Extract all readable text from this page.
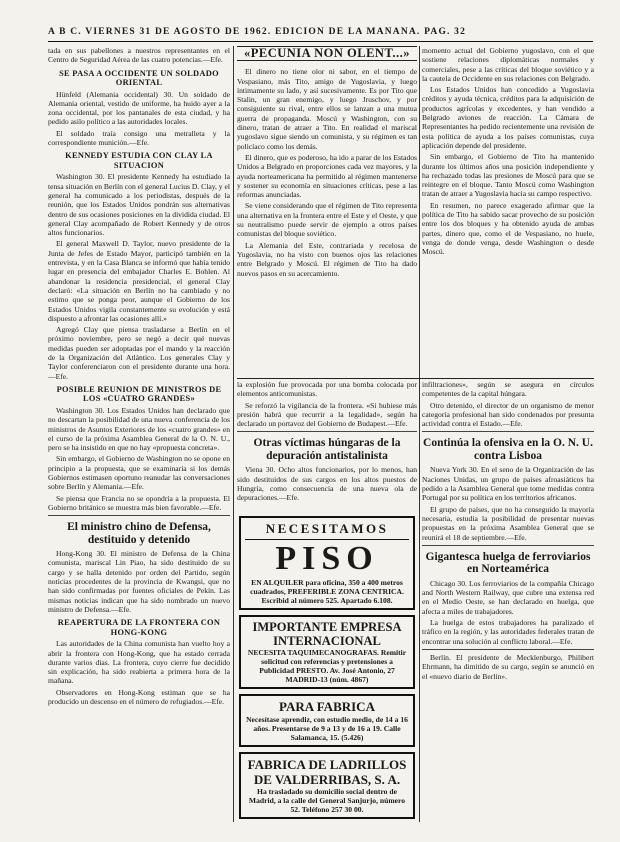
A B C. VIERNES 31 DE AGOSTO DE 1962. EDICION DE LA MAÑANA. PAG. 32

tada en sus pabellones a nuestros representantes en el Centro de Seguridad Aérea de las cuatro potencias.—Efe.

SE PASA A OCCIDENTE UN SOLDADO ORIENTAL

Hünfeld (Alemania occidental) 30. Un soldado de Alemania oriental, vestido de uniforme, ha huido ayer a la zona occidental, por los pantanales de esta ciudad, y ha pedido asilo político a las autoridades locales.

El soldado traía consigo una metralleta y la correspondiente munición.—Efe.

KENNEDY ESTUDIA CON CLAY LA SITUACION

Washington 30. El presidente Kennedy ha estudiado la tensa situación en Berlín con el general Lucius D. Clay, y el general ha comunicado a los periodistas, después de la reunión, que los Estados Unidos pondrán sus alternativas dentro de sus ocasiones posiciones en la dividida ciudad. El general Clay acompañado de Robert Kennedy y de otros altos funcionarios.

El general Maxwell D. Taylor, nuevo presidente de la Junta de Jefes de Estado Mayor, participó también en la entrevista, y en la Casa Blanca se informó que había tenido lugar en presencia del embajador Charles E. Bohlen. Al abandonar la residencia presidencial, el general Clay declaró: «La situación en Berlín no ha cambiado y no estimo que se ponga peor, aunque el Gobierno de los Estados Unidos vigila constantemente su evolución y está dispuesto a afrontar las ocasiones allí.»

Agregó Clay que piensa trasladarse a Berlín en el próximo noviembre, pero se negó a decir qué nuevas medidas pueden ser adoptadas por el mando y la reacción de la Organización del Atlántico. Los generales Clay y Taylor conferenciaron con el presidente durante una hora.—Efe.

POSIBLE REUNION DE MINISTROS DE LOS «CUATRO GRANDES»

Washington 30. Los Estados Unidos han declarado que no descartan la posibilidad de una nueva conferencia de los ministros de Asuntos Exteriores de los «cuatro grandes» en el curso de la próxima Asamblea General de la O. N. U., pero se ha insistido en que no hay «propuesta concreta».

Sin embargo, el Gobierno de Washington no se opone en principio a la propuesta, que se examinaría si los demás Gobiernos estimasen oportuno reanudar las conversaciones sobre Berlín y Alemania.—Efe.

Se piensa que Francia no se opondría a la propuesta. El Gobierno británico se muestra más bien favorable.—Efe.

El ministro chino de Defensa, destituido y detenido

Hong-Kong 30. El ministro de Defensa de la China comunista, mariscal Lin Piao, ha sido destituido de su cargo y se halla detenido por orden del Partido, según noticias procedentes de la provincia de Kwangsi, que no han sido confirmadas por fuentes oficiales de Pekín. Las mismas noticias indican que ha sido nombrado un nuevo ministro de Defensa.—Efe.

REAPERTURA DE LA FRONTERA CON HONG-KONG

Las autoridades de la China comunista han vuelto hoy a abrir la frontera con Hong-Kong, que ha estado cerrada durante varios días. La frontera, cuyo cierre fue decidido sin explicación, ha sido reabierta a primera hora de la mañana.

Observadores en Hong-Kong estiman que se ha producido un descenso en el número de refugiados.—Efe.

«PECUNIA NON OLENT...»

El dinero no tiene olor ni sabor, en el tiempo de Vespasiano, más Tito, amigo de Yugoslavia, y luego íntimamente su lado, y así sucesivamente. Es por Tito que Stalin, un gran enemigo, y luego Jruschov, y por consiguiente su rival, entre ellos se lanzan a una mutua guerra de propaganda. Moscú y Washington, con su dinero, tratan de atraer a Tito. En realidad el mariscal yugoslavo sigue siendo un comunista, y su régimen es tan policíaco como los demás.

El dinero, que es poderoso, ha ido a parar de los Estados Unidos a Belgrado en proporciones cada vez mayores, y la ayuda norteamericana ha permitido al régimen mantenerse y sostener su economía en situaciones críticas, pese a las reformas anunciadas.

Se viene considerando que el régimen de Tito representa una alternativa en la frontera entre el Este y el Oeste, y que su neutralismo puede servir de ejemplo a otros países comunistas del bloque soviético.

La Alemania del Este, contrariada y recelosa de Yugoslavia, no ha visto con buenos ojos las relaciones entre Belgrado y Moscú. El régimen de Tito ha dado nuevos pasos en su acercamiento.

momento actual del Gobierno yugoslavo, con el que sostiene relaciones diplomáticas normales y comerciales, pese a las críticas del bloque soviético y a la cautela de Occidente en sus relaciones con Belgrado.

Los Estados Unidos han concedido a Yugoslavia créditos y ayuda técnica, créditos para la adquisición de productos agrícolas y excedentes, y han vendido a Belgrado aviones de reacción. La Cámara de Representantes ha pedido recientemente una revisión de esta política de ayuda a los países comunistas, cuya aplicación depende del presidente.

Sin embargo, el Gobierno de Tito ha mantenido durante los últimos años una posición independiente y ha rechazado todas las presiones de Moscú para que se reintegre en el bloque. Tanto Moscú como Washington tratan de atraer a Yugoslavia hacia su campo respectivo.

En resumen, no parece exagerado afirmar que la política de Tito ha sabido sacar provecho de su posición entre los dos bloques y ha obtenido ayuda de ambas partes, dinero que, como el de Vespasiano, no huele, venga de donde venga, desde Washington o desde Moscú.

la explosión fue provocada por una bomba colocada por elementos anticomunistas.

Se reforzó la vigilancia de la frontera. «Si hubiese más presión habrá que recurrir a la legalidad», según ha declarado un portavoz del Gobierno de Budapest.—Efe.

Otras víctimas húngaras de la depuración antistalinista

Viena 30. Ocho altos funcionarios, por lo menos, han sido destituidos de sus cargos en los altos puestos de Hungría, como consecuencia de una nueva ola de depuraciones.—Efe.

NECESITAMOS
PISO
EN ALQUILER para oficina, 350 a 400 metros cuadrados, PREFERIBLE ZONA CENTRICA. Escribid al número 525. Apartado 6.108.
IMPORTANTE EMPRESA INTERNACIONAL
NECESITA TAQUIMECANOGRAFAS. Remitir solicitud con referencias y pretensiones a Publicidad PRESTO. Av. José Antonio, 27 MADRID-13 (núm. 4867)
PARA FABRICA
Necesítase aprendiz, con estudio medio, de 14 a 16 años. Presentarse de 9 a 13 y de 16 a 19. Calle Salamanca, 15. (5.426)
FABRICA DE LADRILLOS DE VALDERRIBAS, S. A.
Ha trasladado su domicilio social dentro de Madrid, a la calle del General Sanjurjo, número 52. Teléfono 257 30 00.

infiltraciones», según se asegura en círculos competentes de la capital húngara.

Otro detenido, el director de un organismo de menor categoría profesional han sido condenados por presunta actividad contra el Estado.—Efe.

Continúa la ofensiva en la O. N. U. contra Lisboa

Nueva York 30. En el seno de la Organización de las Naciones Unidas, un grupo de países afroasiáticos ha pedido a la Asamblea General que tome medidas contra Portugal por su política en los territorios africanos.

El grupo de países, que no ha conseguido la mayoría necesaria, estudia la posibilidad de presentar nuevas propuestas en la próxima Asamblea General que se reunirá el 18 de septiembre.—Efe.

Gigantesca huelga de ferroviarios en Norteamérica

Chicago 30. Los ferroviarios de la compañía Chicago and North Western Railway, que cubre una extensa red en el Medio Oeste, se han declarado en huelga, que afecta a miles de trabajadores.

La huelga de estos trabajadores ha paralizado el tráfico en la región, y las autoridades federales tratan de encontrar una solución al conflicto laboral.—Efe.

Berlín. El presidente de Mecklenburgo, Philibert Ehrmann, ha dimitido de su cargo, según se anunció en el «nuevo diario de Berlín».
